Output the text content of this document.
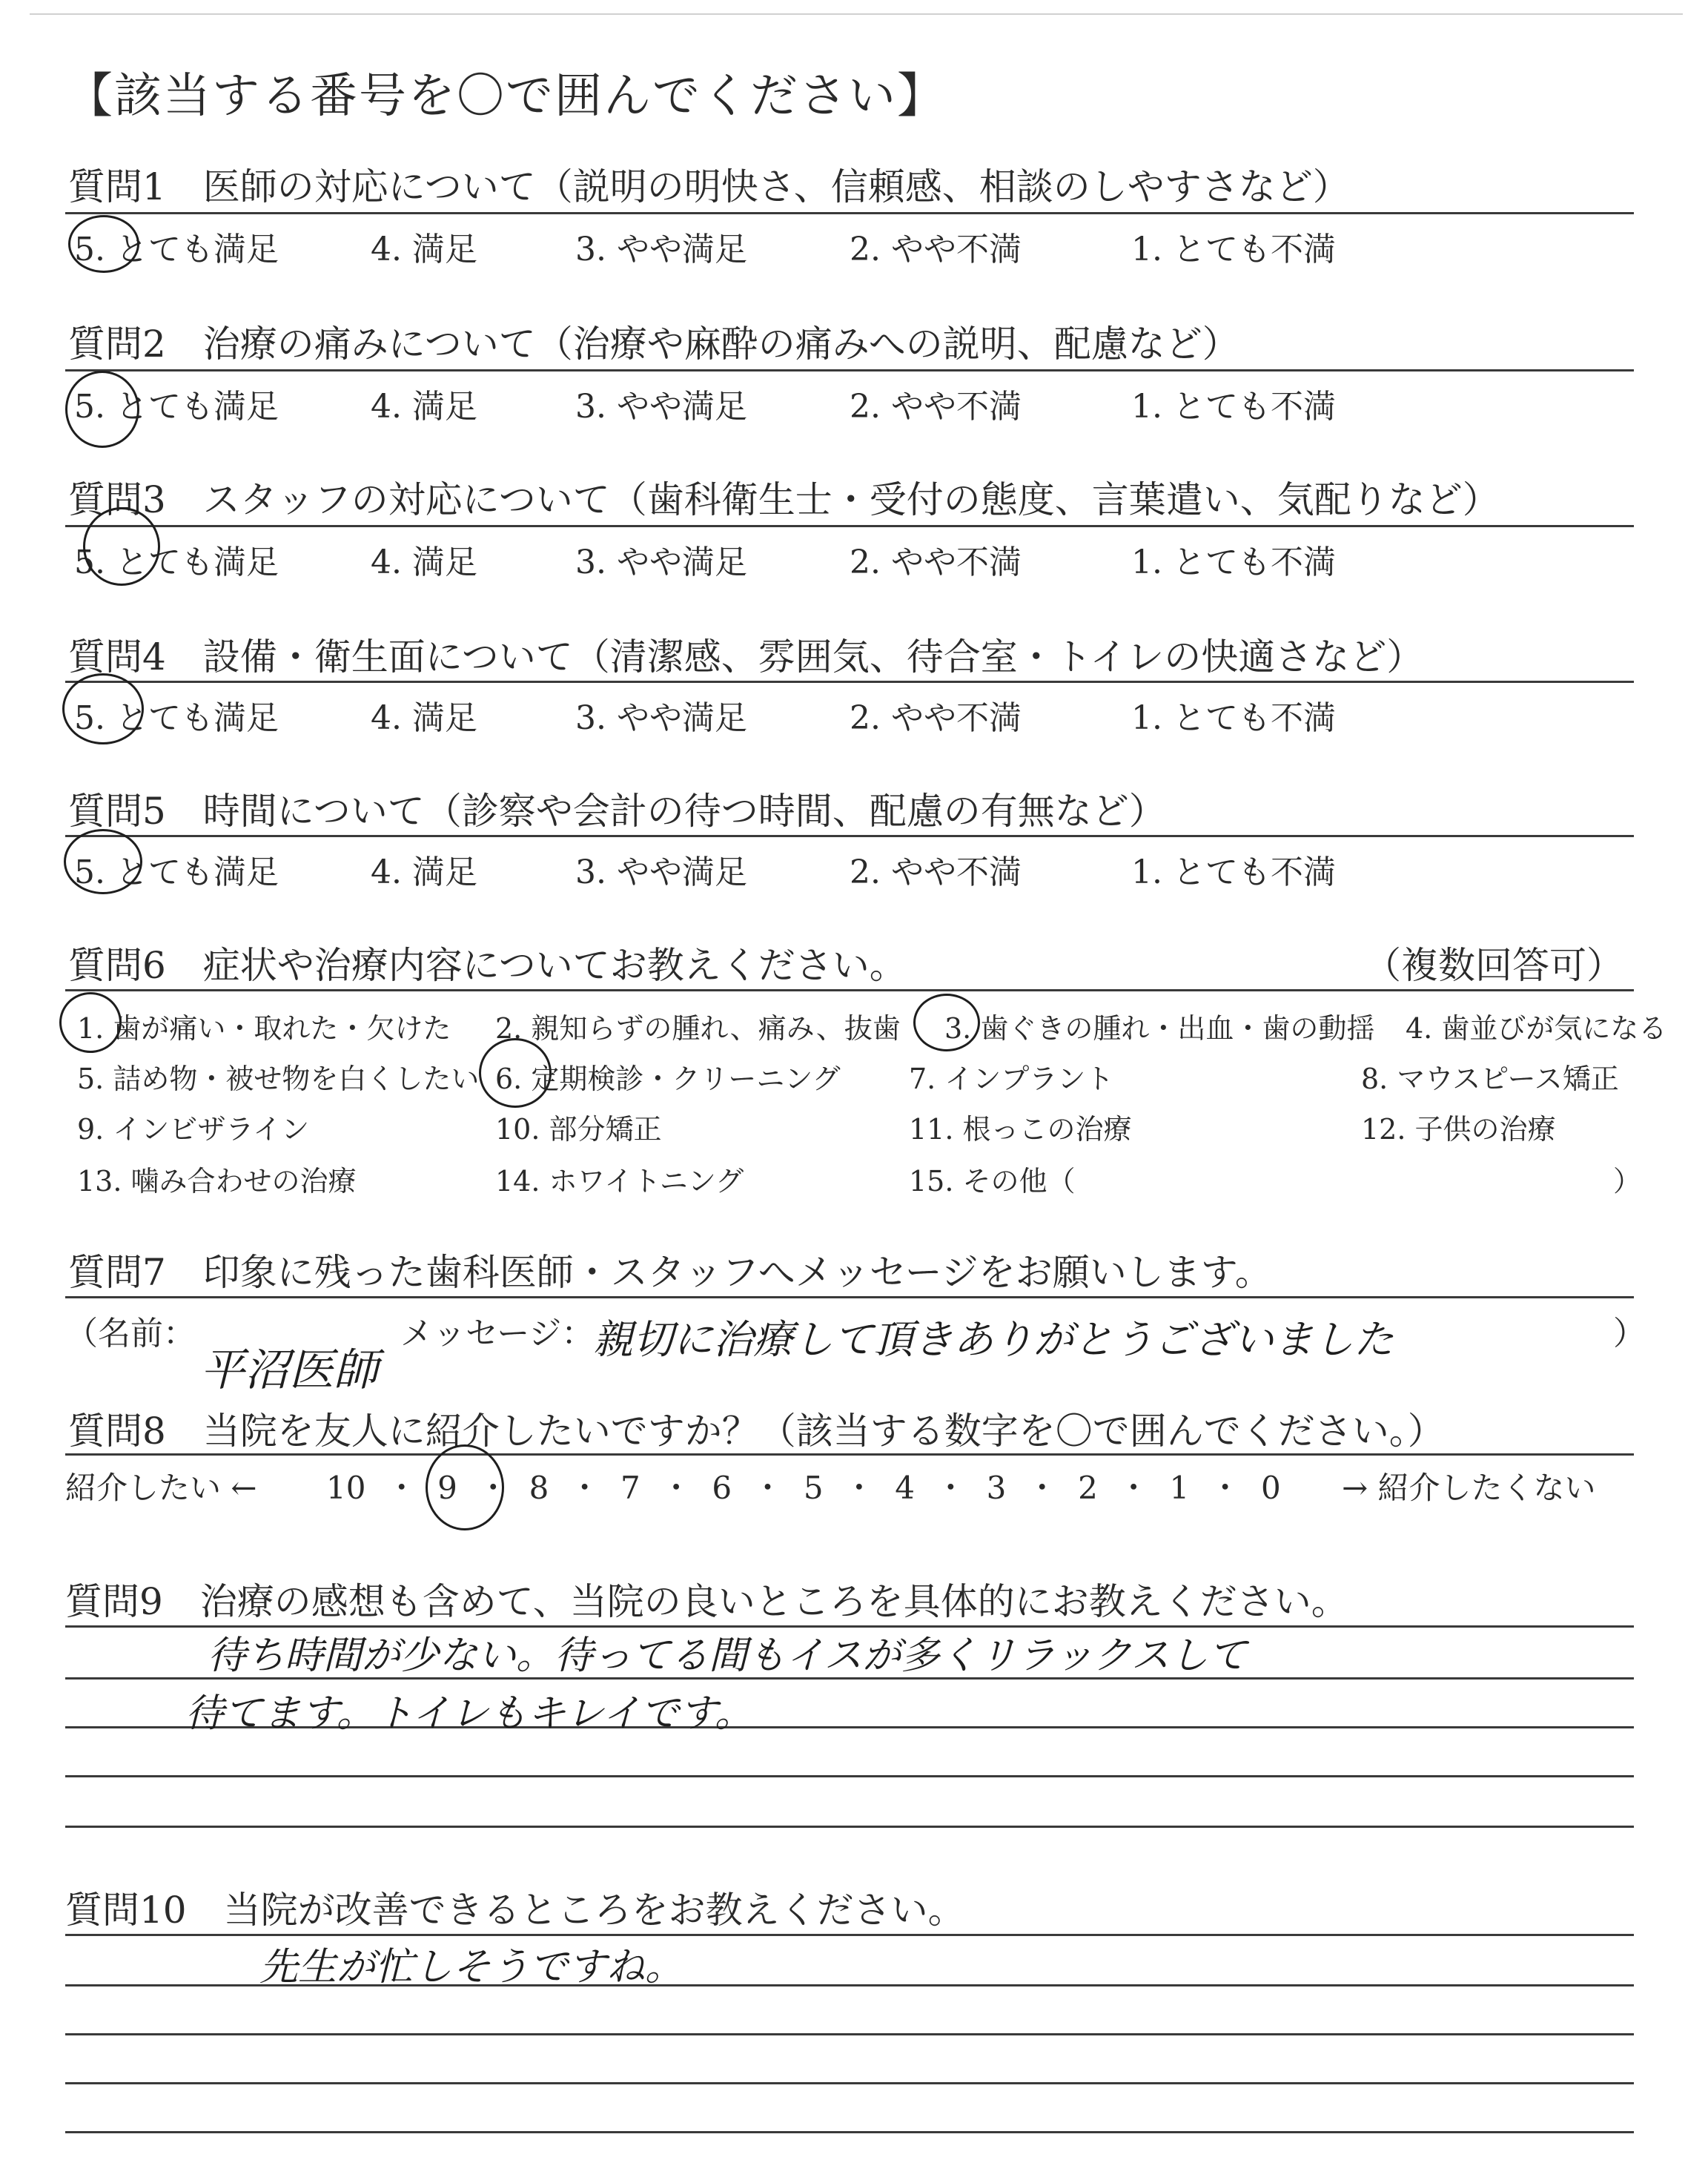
【該当する番号を〇で囲んでください】
質問1　医師の対応について（説明の明快さ、信頼感、相談のしやすさなど）
5. とても満足	4. 満足	3. やや満足	2. やや不満	1. とても不満
質問2　治療の痛みについて（治療や麻酔の痛みへの説明、配慮など）
5. とても満足	4. 満足	3. やや満足	2. やや不満	1. とても不満
質問3　スタッフの対応について（歯科衛生士・受付の態度、言葉遣い、気配りなど）
5. とても満足	4. 満足	3. やや満足	2. やや不満	1. とても不満
質問4　設備・衛生面について（清潔感、雰囲気、待合室・トイレの快適さなど）
5. とても満足	4. 満足	3. やや満足	2. やや不満	1. とても不満
質問5　時間について（診察や会計の待つ時間、配慮の有無など）
5. とても満足	4. 満足	3. やや満足	2. やや不満	1. とても不満
質問6　症状や治療内容についてお教えください。	（複数回答可）
1. 歯が痛い・取れた・欠けた 2. 親知らずの腫れ、痛み、抜歯 3. 歯ぐきの腫れ・出血・歯の動揺 4. 歯並びが気になる
5. 詰め物・被せ物を白くしたい 6. 定期検診・クリーニング 7. インプラント	8. マウスピース矯正
9. インビザライン	10. 部分矯正	11. 根っこの治療	12. 子供の治療
13. 噛み合わせの治療	14. ホワイトニング	15. その他（	）
質問7　印象に残った歯科医師・スタッフへメッセージをお願いします。
（名前：	メッセージ：	）
平沼医師
親切に治療して頂きありがとうございました
質問8　当院を友人に紹介したいですか？（該当する数字を〇で囲んでください。）
紹介したい ← 10 ・ 9 ・ 8 ・ 7 ・ 6 ・ 5 ・ 4 ・ 3 ・ 2 ・ 1 ・ 0 → 紹介したくない
質問9　治療の感想も含めて、当院の良いところを具体的にお教えください。
待ち時間が少ない。待ってる間もイスが多くリラックスして
待てます。トイレもキレイです。
質問10　当院が改善できるところをお教えください。
先生が忙しそうですね。
